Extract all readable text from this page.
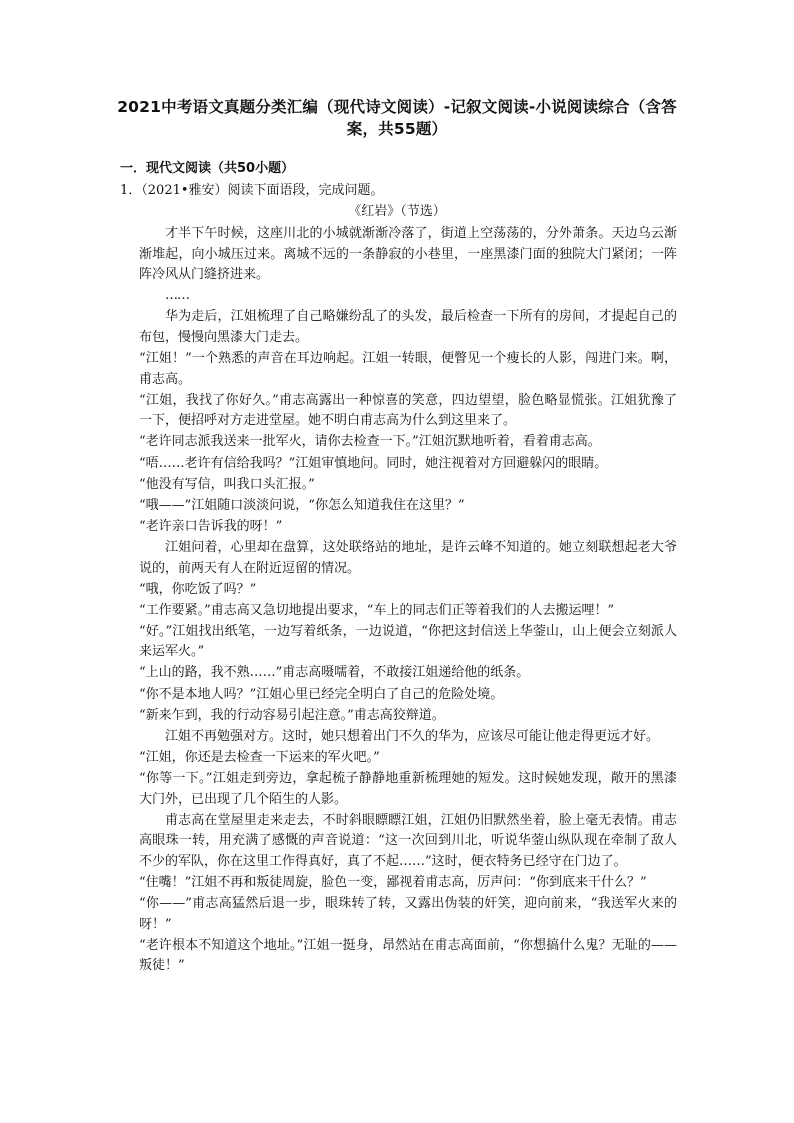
2021中考语文真题分类汇编（现代诗文阅读）-记叙文阅读-小说阅读综合（含答案，共55题）
一．现代文阅读（共50小题）
1．（2021•雅安）阅读下面语段，完成问题。
《红岩》（节选）

才半下午时候，这座川北的小城就渐渐冷落了，街道上空荡荡的，分外萧条。天边乌云渐渐堆起，向小城压过来。离城不远的一条静寂的小巷里，一座黑漆门面的独院大门紧闭；一阵阵冷风从门缝挤进来。

……

华为走后，江姐梳理了自己略嫌纷乱了的头发，最后检查一下所有的房间，才提起自己的布包，慢慢向黑漆大门走去。

“江姐！”一个熟悉的声音在耳边响起。江姐一转眼，便瞥见一个瘦长的人影，闯进门来。啊，甫志高。

“江姐，我找了你好久。”甫志高露出一种惊喜的笑意，四边望望，脸色略显慌张。江姐犹豫了一下，便招呼对方走进堂屋。她不明白甫志高为什么到这里来了。

“老许同志派我送来一批军火，请你去检查一下。”江姐沉默地听着，看着甫志高。

“唔……老许有信给我吗？”江姐审慎地问。同时，她注视着对方回避躲闪的眼睛。

“他没有写信，叫我口头汇报。”

“哦——”江姐随口淡淡问说，“你怎么知道我住在这里？”

“老许亲口告诉我的呀！”

江姐问着，心里却在盘算，这处联络站的地址，是许云峰不知道的。她立刻联想起老大爷说的，前两天有人在附近逗留的情况。

“哦，你吃饭了吗？”

“工作要紧。”甫志高又急切地提出要求，“车上的同志们正等着我们的人去搬运哩！”

“好。”江姐找出纸笔，一边写着纸条，一边说道，“你把这封信送上华蓥山，山上便会立刻派人来运军火。”

“上山的路，我不熟……”甫志高嗫嚅着，不敢接江姐递给他的纸条。

“你不是本地人吗？”江姐心里已经完全明白了自己的危险处境。

“新来乍到，我的行动容易引起注意。”甫志高狡辩道。

江姐不再勉强对方。这时，她只想着出门不久的华为，应该尽可能让他走得更远才好。

“江姐，你还是去检查一下运来的军火吧。”

“你等一下。”江姐走到旁边，拿起梳子静静地重新梳理她的短发。这时候她发现，敞开的黑漆大门外，已出现了几个陌生的人影。

甫志高在堂屋里走来走去，不时斜眼瞟瞟江姐，江姐仍旧默然坐着，脸上毫无表情。甫志高眼珠一转，用充满了感慨的声音说道：“这一次回到川北，听说华蓥山纵队现在牵制了敌人不少的军队，你在这里工作得真好，真了不起……”这时，便衣特务已经守在门边了。

“住嘴！”江姐不再和叛徒周旋，脸色一变，鄙视着甫志高，厉声问：“你到底来干什么？”

“你——”甫志高猛然后退一步，眼珠转了转，又露出伪装的奸笑，迎向前来，“我送军火来的呀！”

“老许根本不知道这个地址。”江姐一挺身，昂然站在甫志高面前，“你想搞什么鬼？无耻的——叛徒！”
